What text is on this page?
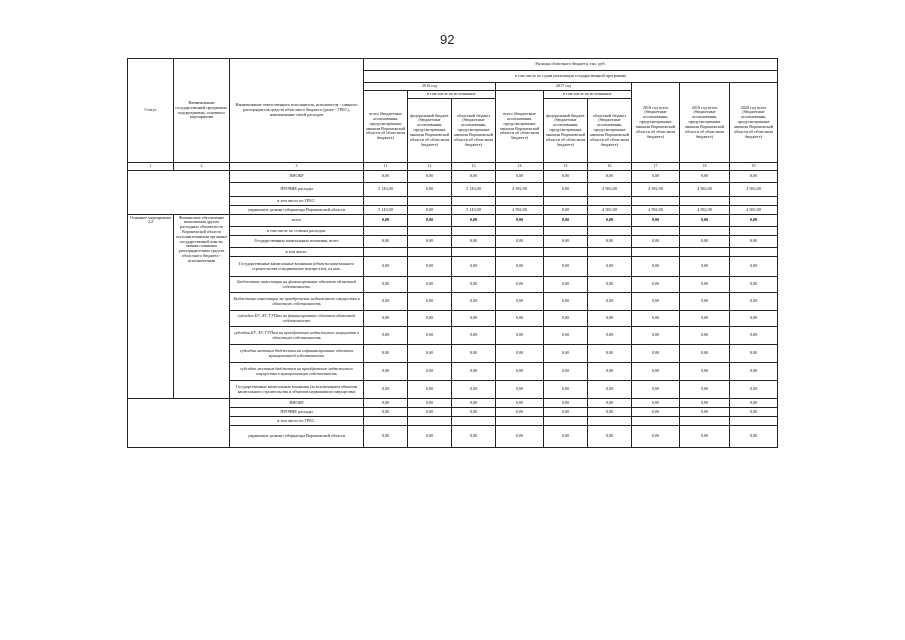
92
Статус	Наименование государственной программы, подпрограммы, основного мероприятия	Наименование ответственного исполнителя, исполнителя - главного распорядителя средств областного бюджета (далее - ГРБС), наименование своей расходов	Расходы областного бюджета, тыс. руб.								
			в том числе по годам реализации государственной программы								
			2016 год			2017 год			2018 год всего (бюджетные ассигнования, предусмотренные законом Воронежской области об областном бюджете)	2019 год всего (бюджетные ассигнования, предусмотренные законом Воронежской области об областном бюджете)	2020 год всего (бюджетные ассигнования, предусмотренные законом Воронежской области об областном бюджете)
			всего (бюджетные ассигнования, предусмотренные законом Воронежской области об областном бюджете)	в том числе по источникам:		всего (бюджетные ассигнования, предусмотренные законом Воронежской области об областном бюджете)	в том числе по источникам:				
				федеральный бюджет (бюджетные ассигнования, предусмотренные законом Воронежской области об областном бюджете)	областной бюджет (бюджетные ассигнования, предусмотренные законом Воронежской области об областном бюджете)		федеральный бюджет (бюджетные ассигнования, предусмотренные законом Воронежской области об областном бюджете)	областной бюджет (бюджетные ассигнования, предусмотренные законом Воронежской области об областном бюджете)			
1	2	3	11	12	13	14	15	16	17	18	19
		ПНОКР	0,00	0,00	0,00	0,00	0,00	0,00	0,00	0,00	0,00
		ПРОЧИЕ расходы	5 143,00	0,00	5 143,00	4 582,00	0,00	4 582,00	4 582,00	4 582,00	4 582,00
		в том числе по ГРБС:									
		управление делами губернатора Воронежской области	5 143,00	0,00	5 143,00	4 582,00	0,00	4 582,00	4 582,00	4 582,00	4 582,00
Основное мероприятие 2.2	Финансовое обеспечение выполнения других расходных обязательств Воронежской области исполнительными органами государственной власти, иными главными распорядителями средств областного бюджета - исполнителями	всего	0,00	0,00	0,00	0,00	0,00	0,00	0,00	0,00	0,00
		в том числе по статьям расходов:									
		Государственные капитальные вложения, всего	0,00	0,00	0,00	0,00	0,00	0,00	0,00	0,00	0,00
		в том числе:									
		Государственные капитальные вложения (объекты капитального строительства и недвижимое имущество), из них:	0,00	0,00	0,00	0,00	0,00	0,00	0,00	0,00	0,00
		Бюджетные инвестиции на финансирование объектов областной собственности	0,00	0,00	0,00	0,00	0,00	0,00	0,00	0,00	0,00
		Бюджетные инвестиции на приобретение недвижимого имущества в областную собственность	0,00	0,00	0,00	0,00	0,00	0,00	0,00	0,00	0,00
		субсидии БУ, АУ, ГУПам на финансирование объектов областной собственности	0,00	0,00	0,00	0,00	0,00	0,00	0,00	0,00	0,00
		субсидии БУ, АУ, ГУПам на приобретение недвижимого имущества в областную собственность	0,00	0,00	0,00	0,00	0,00	0,00	0,00	0,00	0,00
		субсидии местным бюджетам на софинансирование объектов муниципальной собственности	0,00	0,00	0,00	0,00	0,00	0,00	0,00	0,00	0,00
		субсидии местным бюджетам на приобретение недвижимого имущества в муниципальную собственность	0,00	0,00	0,00	0,00	0,00	0,00	0,00	0,00	0,00
		Государственные капитальные вложения (за исключением объектов капитального строительства и объектов недвижимого имущества)	0,00	0,00	0,00	0,00	0,00	0,00	0,00	0,00	0,00
		ПНОКР	0,00	0,00	0,00	0,00	0,00	0,00	0,00	0,00	0,00
		ПРОЧИЕ расходы	0,00	0,00	0,00	0,00	0,00	0,00	0,00	0,00	0,00
		в том числе по ГРБС:									
		управление делами губернатора Воронежской области	0,00	0,00	0,00	0,00	0,00	0,00	0,00	0,00	0,00
